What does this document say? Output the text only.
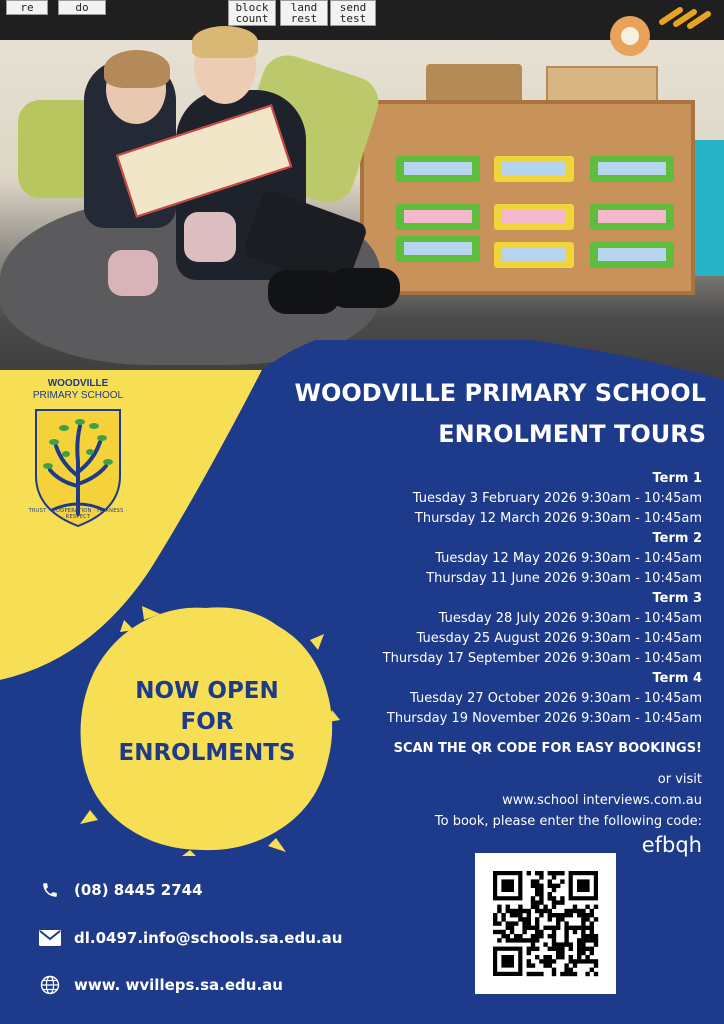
re	do	block count
land rest
send test
WOODVILLE
PRIMARY SCHOOL
TRUST · COOPERATION · FAIRNESS · RESPECT
WOODVILLE PRIMARY SCHOOL
ENROLMENT TOURS
Term 1
Tuesday 3 February 2026 9:30am - 10:45am
Thursday 12 March 2026 9:30am - 10:45am
Term 2
Tuesday 12 May 2026 9:30am - 10:45am
Thursday 11 June 2026 9:30am - 10:45am
Term 3
Tuesday 28 July 2026 9:30am - 10:45am
Tuesday 25 August 2026 9:30am - 10:45am
Thursday 17 September 2026 9:30am - 10:45am
Term 4
Tuesday 27 October 2026 9:30am - 10:45am
Thursday 19 November 2026 9:30am - 10:45am
SCAN THE QR CODE FOR EASY BOOKINGS!
or visit
www.school interviews.com.au
To book, please enter the following code:
efbqh
NOW OPEN
FOR
ENROLMENTS
(08) 8445 2744
dl.0497.info@schools.sa.edu.au
www. wvilleps.sa.edu.au
